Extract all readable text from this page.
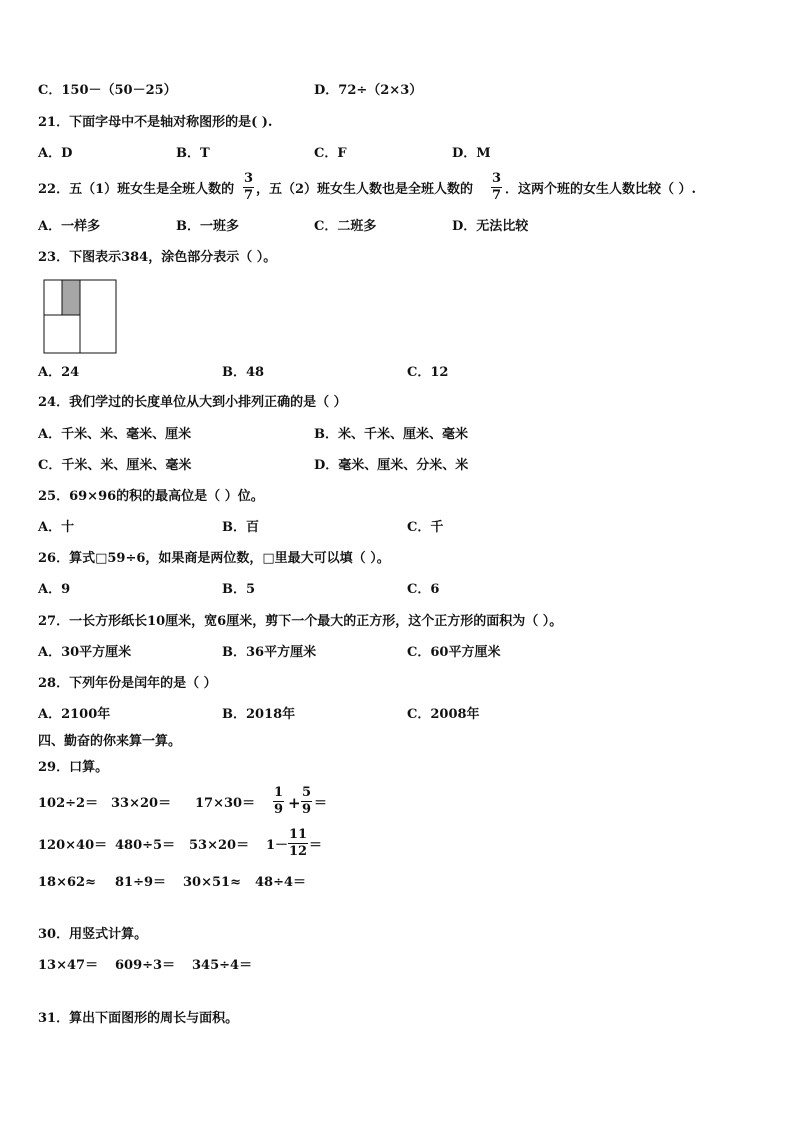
C．150－（50－25）	D．72÷（2×3）
21．下面字母中不是轴对称图形的是( ).
A．D	B．T	C．F	D．M
22．五（1）班女生是全班人数的
3
7 ，五（2）班女生人数也是全班人数的
3
7 ．这两个班的女生人数比较（ ）.
A．一样多	B．一班多	C．二班多	D．无法比较
23．下图表示384，涂色部分表示（ ）。
A．24	B．48	C．12
24．我们学过的长度单位从大到小排列正确的是（ ）
A．千米、米、毫米、厘米	B．米、千米、厘米、毫米
C．千米、米、厘米、毫米	D．毫米、厘米、分米、米
25．69×96的积的最高位是（ ）位。
A．十	B．百	C．千
26．算式□59÷6，如果商是两位数，□里最大可以填（ ）。
A．9	B．5	C．6
27．一长方形纸长10厘米，宽6厘米，剪下一个最大的正方形，这个正方形的面积为（ ）。
A．30平方厘米	B．36平方厘米	C．60平方厘米
28．下列年份是闰年的是（ ）
A．2100年	B．2018年	C．2008年
四、勤奋的你来算一算。
29．口算。
102÷2＝ 33×20＝ 17×30＝
1
9 +
5
9 ＝
120×40＝ 480÷5＝ 53×20＝ 1－
11
12 ＝
18×62≈ 81÷9＝ 30×51≈ 48÷4＝
30．用竖式计算。
13×47＝ 609÷3＝ 345÷4＝
31．算出下面图形的周长与面积。
